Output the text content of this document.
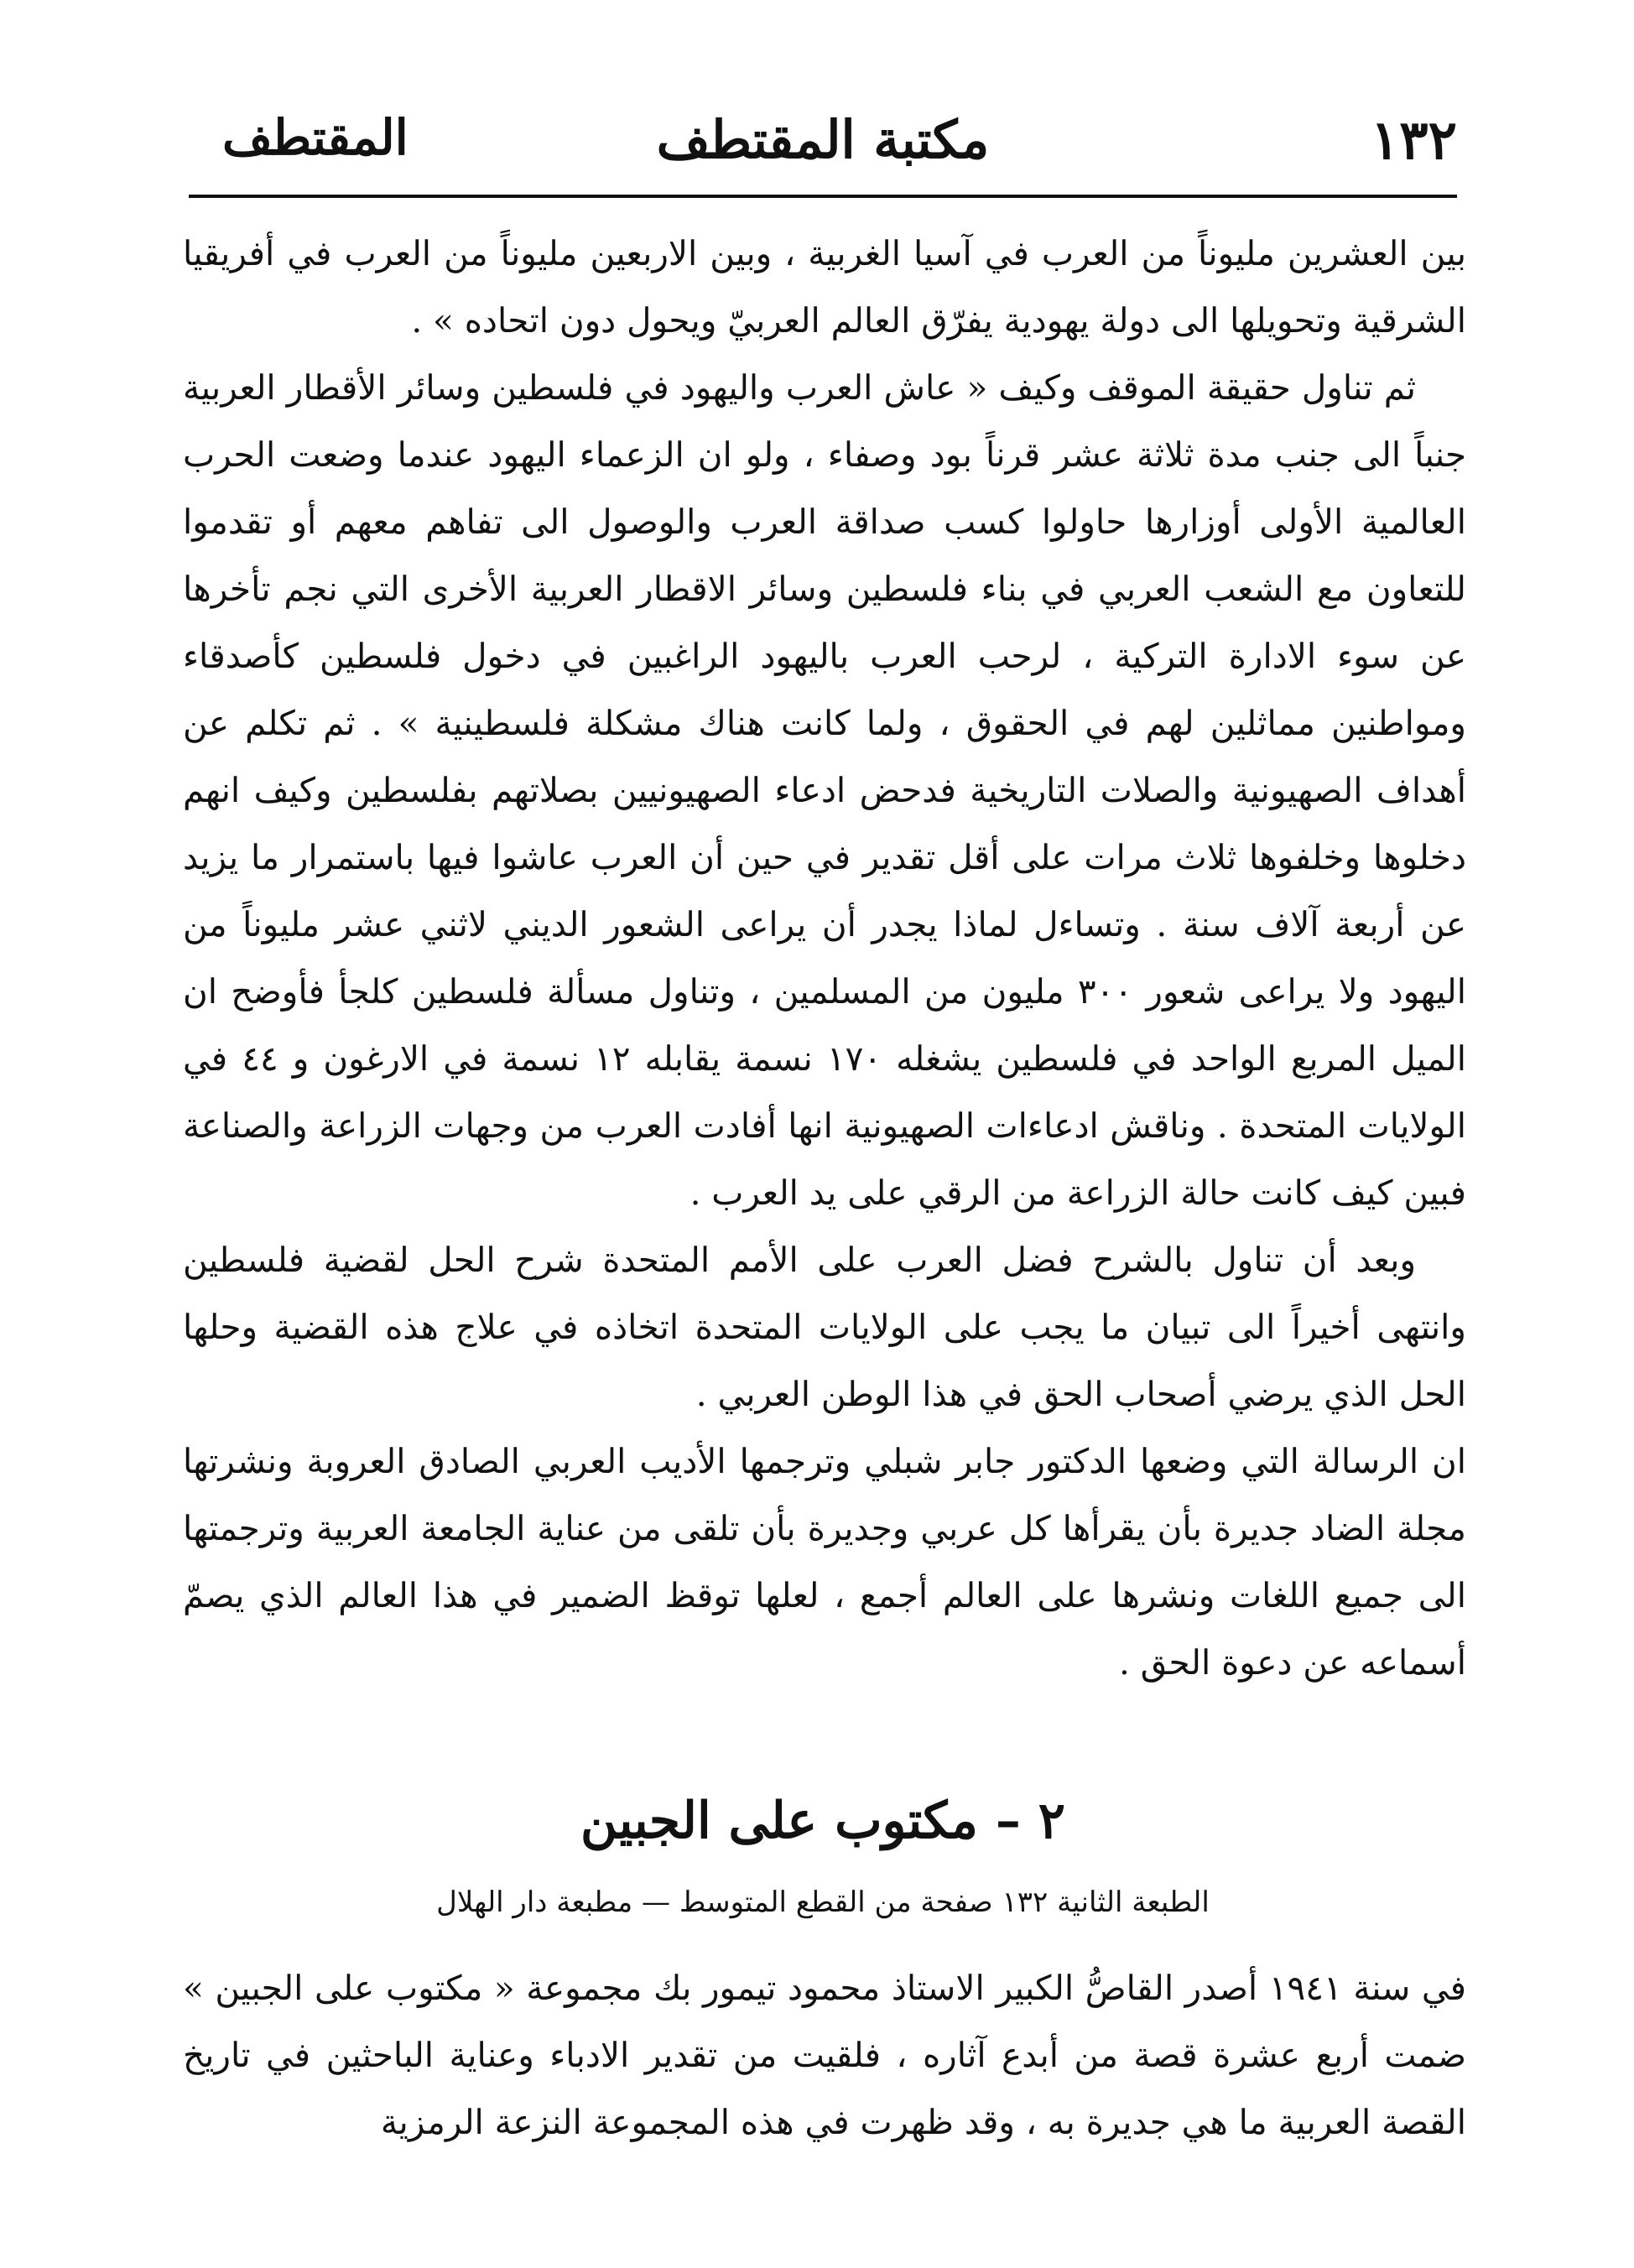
١٣٢
مكتبة المقتطف
المقتطف

بين العشرين مليوناً من العرب في آسيا الغربية ، وبين الاربعين مليوناً من العرب في أفريقيا الشرقية وتحويلها الى دولة يهودية يفرّق العالم العربيّ ويحول دون اتحاده » .

ثم تناول حقيقة الموقف وكيف « عاش العرب واليهود في فلسطين وسائر الأقطار العربية جنباً الى جنب مدة ثلاثة عشر قرناً بود وصفاء ، ولو ان الزعماء اليهود عندما وضعت الحرب العالمية الأولى أوزارها حاولوا كسب صداقة العرب والوصول الى تفاهم معهم أو تقدموا للتعاون مع الشعب العربي في بناء فلسطين وسائر الاقطار العربية الأخرى التي نجم تأخرها عن سوء الادارة التركية ، لرحب العرب باليهود الراغبين في دخول فلسطين كأصدقاء ومواطنين مماثلين لهم في الحقوق ، ولما كانت هناك مشكلة فلسطينية » . ثم تكلم عن أهداف الصهيونية والصلات التاريخية فدحض ادعاء الصهيونيين بصلاتهم بفلسطين وكيف انهم دخلوها وخلفوها ثلاث مرات على أقل تقدير في حين أن العرب عاشوا فيها باستمرار ما يزيد عن أربعة آلاف سنة . وتساءل لماذا يجدر أن يراعى الشعور الديني لاثني عشر مليوناً من اليهود ولا يراعى شعور ٣٠٠ مليون من المسلمين ، وتناول مسألة فلسطين كلجأ فأوضح ان الميل المربع الواحد في فلسطين يشغله ١٧٠ نسمة يقابله ١٢ نسمة في الارغون و ٤٤ في الولايات المتحدة . وناقش ادعاءات الصهيونية انها أفادت العرب من وجهات الزراعة والصناعة فبين كيف كانت حالة الزراعة من الرقي على يد العرب .

وبعد أن تناول بالشرح فضل العرب على الأمم المتحدة شرح الحل لقضية فلسطين وانتهى أخيراً الى تبيان ما يجب على الولايات المتحدة اتخاذه في علاج هذه القضية وحلها الحل الذي يرضي أصحاب الحق في هذا الوطن العربي .

ان الرسالة التي وضعها الدكتور جابر شبلي وترجمها الأديب العربي الصادق العروبة ونشرتها مجلة الضاد جديرة بأن يقرأها كل عربي وجديرة بأن تلقى من عناية الجامعة العربية وترجمتها الى جميع اللغات ونشرها على العالم أجمع ، لعلها توقظ الضمير في هذا العالم الذي يصمّ أسماعه عن دعوة الحق .

٢ – مكتوب على الجبين
الطبعة الثانية ١٣٢ صفحة من القطع المتوسط — مطبعة دار الهلال

في سنة ١٩٤١ أصدر القاصُّ الكبير الاستاذ محمود تيمور بك مجموعة « مكتوب على الجبين » ضمت أربع عشرة قصة من أبدع آثاره ، فلقيت من تقدير الادباء وعناية الباحثين في تاريخ القصة العربية ما هي جديرة به ، وقد ظهرت في هذه المجموعة النزعة الرمزية
